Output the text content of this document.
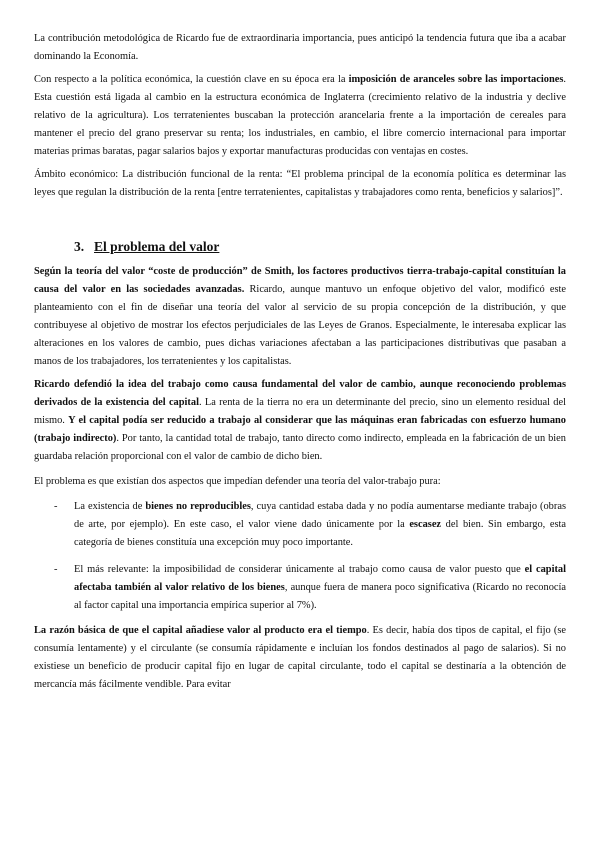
La contribución metodológica de Ricardo fue de extraordinaria importancia, pues anticipó la tendencia futura que iba a acabar dominando la Economía.

Con respecto a la política económica, la cuestión clave en su época era la imposición de aranceles sobre las importaciones. Esta cuestión está ligada al cambio en la estructura económica de Inglaterra (crecimiento relativo de la industria y declive relativo de la agricultura). Los terratenientes buscaban la protección arancelaria frente a la importación de cereales para mantener el precio del grano preservar su renta; los industriales, en cambio, el libre comercio internacional para importar materias primas baratas, pagar salarios bajos y exportar manufacturas producidas con ventajas en costes.

Ámbito económico: La distribución funcional de la renta: “El problema principal de la economía política es determinar las leyes que regulan la distribución de la renta [entre terratenientes, capitalistas y trabajadores como renta, beneficios y salarios]”.

3. El problema del valor

Según la teoría del valor “coste de producción” de Smith, los factores productivos tierra-trabajo-capital constituían la causa del valor en las sociedades avanzadas. Ricardo, aunque mantuvo un enfoque objetivo del valor, modificó este planteamiento con el fin de diseñar una teoría del valor al servicio de su propia concepción de la distribución, y que contribuyese al objetivo de mostrar los efectos perjudiciales de las Leyes de Granos. Especialmente, le interesaba explicar las alteraciones en los valores de cambio, pues dichas variaciones afectaban a las participaciones distributivas que pasaban a manos de los trabajadores, los terratenientes y los capitalistas.

Ricardo defendió la idea del trabajo como causa fundamental del valor de cambio, aunque reconociendo problemas derivados de la existencia del capital. La renta de la tierra no era un determinante del precio, sino un elemento residual del mismo. Y el capital podía ser reducido a trabajo al considerar que las máquinas eran fabricadas con esfuerzo humano (trabajo indirecto). Por tanto, la cantidad total de trabajo, tanto directo como indirecto, empleada en la fabricación de un bien guardaba relación proporcional con el valor de cambio de dicho bien.

El problema es que existían dos aspectos que impedían defender una teoría del valor-trabajo pura:

- La existencia de bienes no reproducibles, cuya cantidad estaba dada y no podía aumentarse mediante trabajo (obras de arte, por ejemplo). En este caso, el valor viene dado únicamente por la escasez del bien. Sin embargo, esta categoría de bienes constituía una excepción muy poco importante.
- El más relevante: la imposibilidad de considerar únicamente al trabajo como causa de valor puesto que el capital afectaba también al valor relativo de los bienes, aunque fuera de manera poco significativa (Ricardo no reconocía al factor capital una importancia empírica superior al 7%).

La razón básica de que el capital añadiese valor al producto era el tiempo. Es decir, había dos tipos de capital, el fijo (se consumía lentamente) y el circulante (se consumía rápidamente e incluían los fondos destinados al pago de salarios). Si no existiese un beneficio de producir capital fijo en lugar de capital circulante, todo el capital se destinaría a la obtención de mercancía más fácilmente vendible. Para evitar
